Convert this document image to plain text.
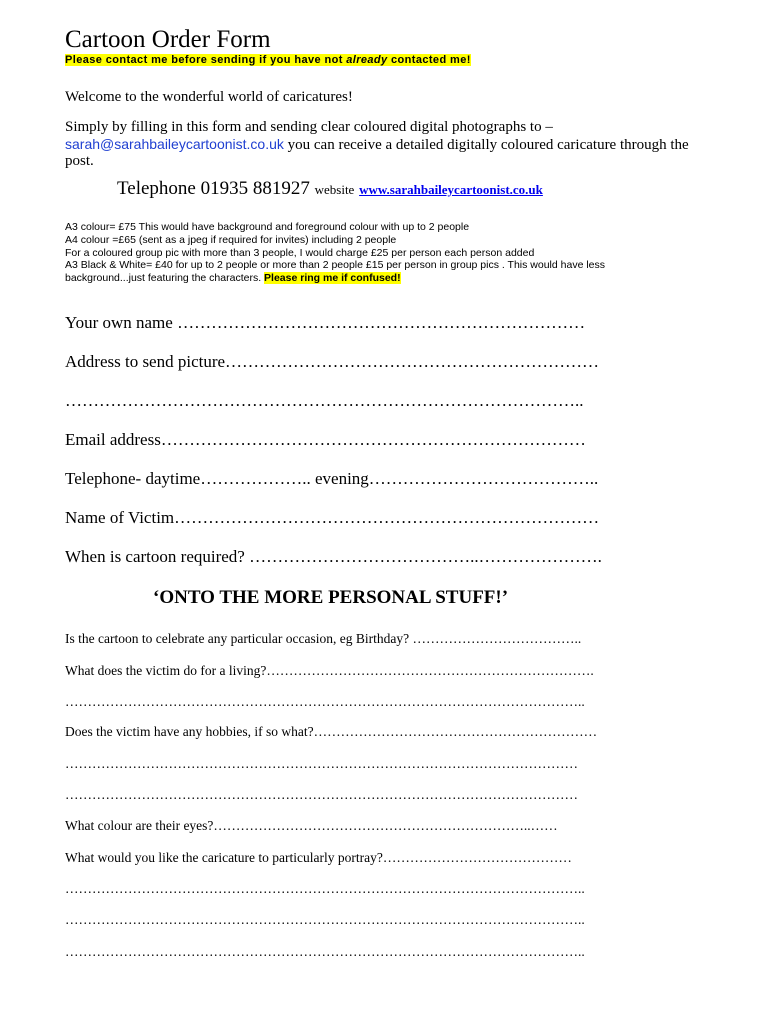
Cartoon Order Form
Please contact me before sending if you have not already contacted me!
Welcome to the wonderful world of caricatures!
Simply by filling in this form and sending clear coloured digital photographs to –
sarah@sarahbaileycartoonist.co.uk you can receive a detailed digitally coloured caricature through the
post.
Telephone 01935 881927 website www.sarahbaileycartoonist.co.uk
A3 colour= £75 This would have background and foreground colour with up to 2 people
A4 colour =£65 (sent as a jpeg if required for invites) including 2 people
For a coloured group pic with more than 3 people, I would charge £25 per person each person added
A3 Black & White= £40 for up to 2 people or more than 2 people £15 per person in group pics . This would have less
background...just featuring the characters. Please ring me if confused!
Your own name ………………………………………………………………
Address to send picture…………………………………………………………
………………………………………………………………………………..
Email address…………………………………………………………………
Telephone- daytime……………….. evening…………………………………..
Name of Victim…………………………………………………………………
When is cartoon required? …………………………………..………………….
‘ONTO THE MORE PERSONAL STUFF!’
Is the cartoon to celebrate any particular occasion, eg Birthday? ………………………………..
What does the victim do for a living?……………………………………………………………….
……………………………………………………………………………………………………..
Does the victim have any hobbies, if so what?………………………………………………………
……………………………………………………………………………………………………
……………………………………………………………………………………………………
What colour are their eyes?……………………………………………………………..……
What would you like the caricature to particularly portray?……………………………………
……………………………………………………………………………………………………..
……………………………………………………………………………………………………..
……………………………………………………………………………………………………..
